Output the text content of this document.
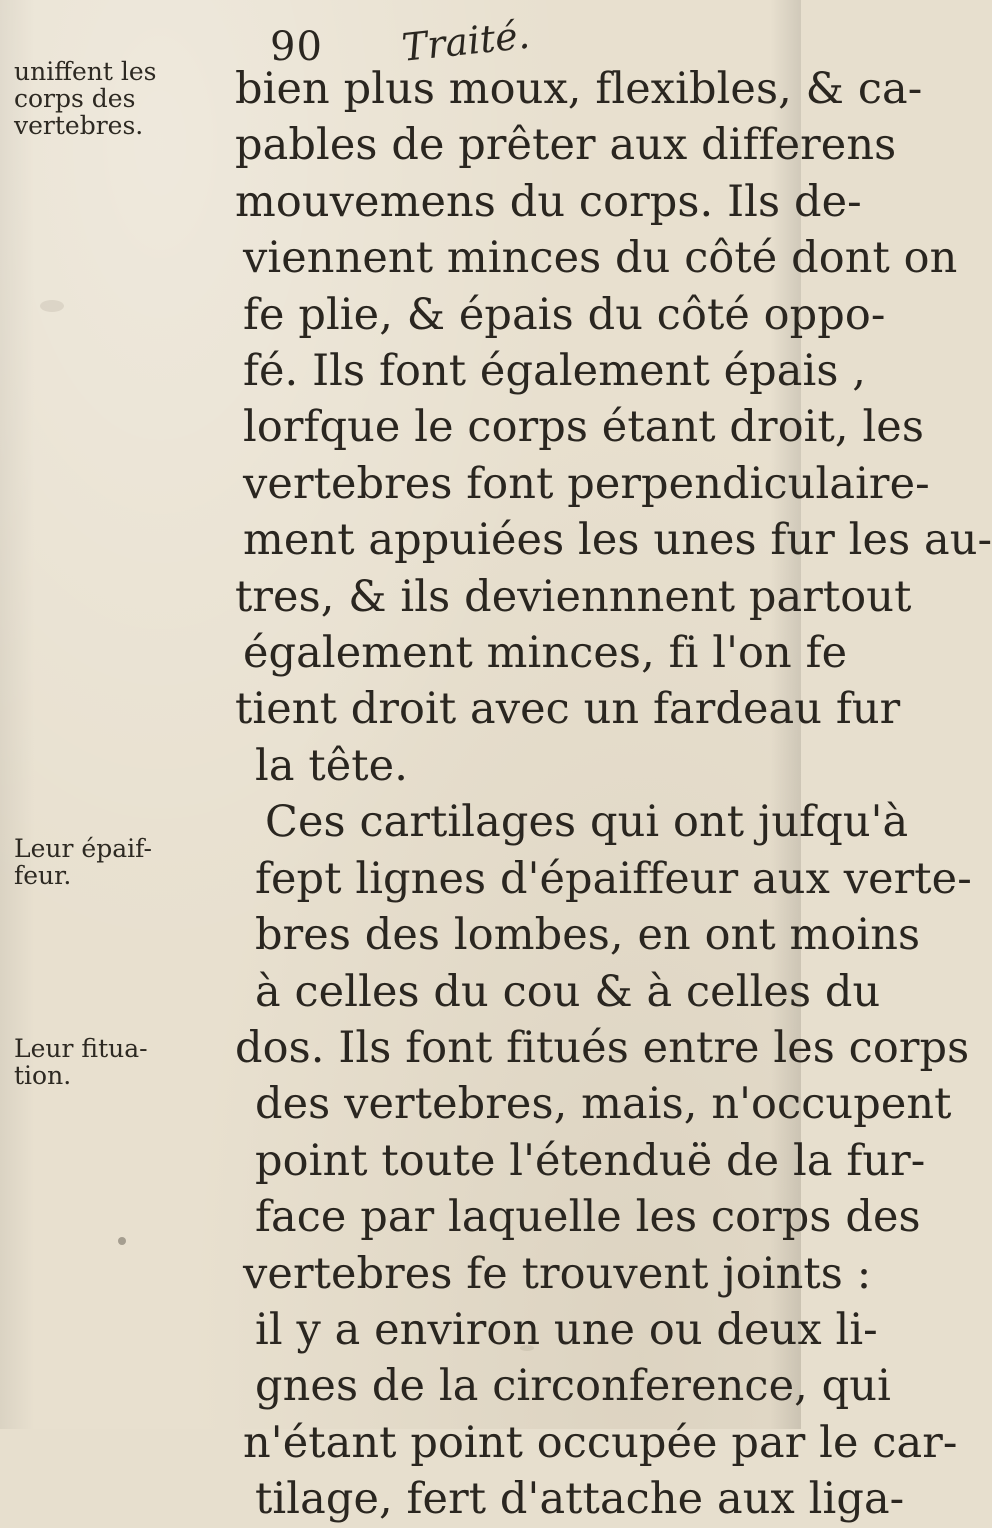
90 Traité.
uniffent les corps des vertebres.
Leur épaif- feur.
Leur fitua- tion.
bien plus moux, flexibles, & ca-
pables de prêter aux differens
mouvemens du corps. Ils de-
viennent minces du côté dont on
fe plie, & épais du côté oppo-
fé. Ils font également épais ,
lorfque le corps étant droit, les
vertebres font perpendiculaire-
ment appuiées les unes fur les au-
tres, & ils deviennnent partout
également minces, fi l'on fe
tient droit avec un fardeau fur
la tête.
Ces cartilages qui ont jufqu'à
fept lignes d'épaiffeur aux verte-
bres des lombes, en ont moins
à celles du cou & à celles du
dos. Ils font fitués entre les corps
des vertebres, mais, n'occupent
point toute l'étenduë de la fur-
face par laquelle les corps des
vertebres fe trouvent joints :
il y a environ une ou deux li-
gnes de la circonference, qui
n'étant point occupée par le car-
tilage, fert d'attache aux liga-
